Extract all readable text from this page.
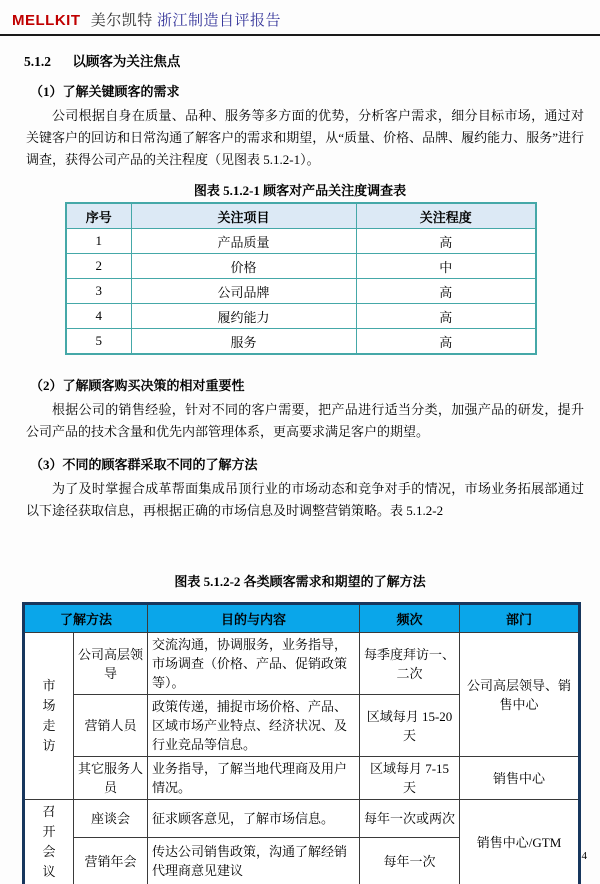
MELLKIT 美尔凯特 浙江制造自评报告
5.1.2 以顾客为关注焦点
（1）了解关键顾客的需求

公司根据自身在质量、品种、服务等多方面的优势，分析客户需求，细分目标市场，通过对关键客户的回访和日常沟通了解客户的需求和期望，从“质量、价格、品牌、履约能力、服务”进行调查，获得公司产品的关注程度（见图表 5.1.2-1）。

图表 5.1.2-1 顾客对产品关注度调查表
序号	关注项目	关注程度
1	产品质量	高
2	价格	中
3	公司品牌	高
4	履约能力	高
5	服务	高
（2）了解顾客购买决策的相对重要性

根据公司的销售经验，针对不同的客户需要，把产品进行适当分类，加强产品的研发，提升公司产品的技术含量和优先内部管理体系，更高要求满足客户的期望。

（3）不同的顾客群采取不同的了解方法

为了及时掌握合成革帮面集成吊顶行业的市场动态和竞争对手的情况，市场业务拓展部通过以下途径获取信息，再根据正确的市场信息及时调整营销策略。表 5.1.2-2

图表 5.1.2-2 各类顾客需求和期望的了解方法
了解方法		目的与内容	频次	部门

市场走访	公司高层领导	交流沟通，协调服务，业务指导，市场调查（价格、产品、促销政策等）。	每季度拜访一、二次	公司高层领导、销售中心
	营销人员	政策传递，捕捉市场价格、产品、区域市场产业特点、经济状况、及行业竞品等信息。	区域每月 15-20 天	
	其它服务人员	业务指导，了解当地代理商及用户情况。	区域每月 7-15 天	销售中心

召开会议	座谈会	征求顾客意见，了解市场信息。	每年一次或两次	销售中心/GTM
	营销年会	传达公司销售政策，沟通了解经销代理商意见建议	每年一次		4
